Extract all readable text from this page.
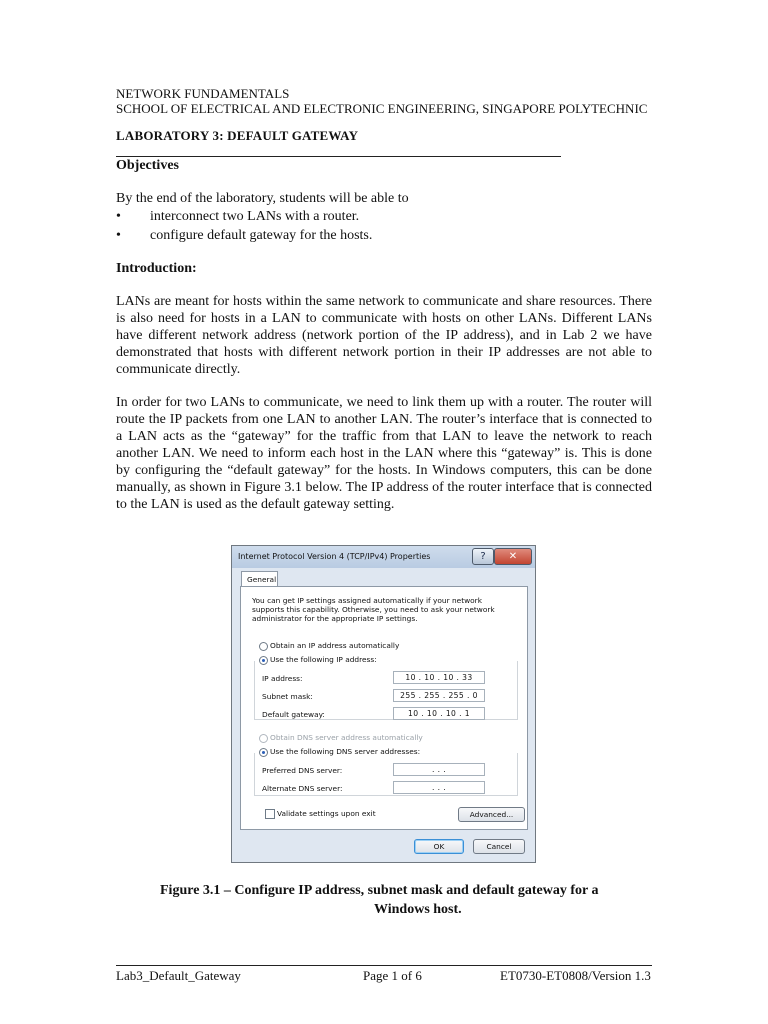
NETWORK FUNDAMENTALS
SCHOOL OF ELECTRICAL AND ELECTRONIC ENGINEERING, SINGAPORE POLYTECHNIC
LABORATORY 3: DEFAULT GATEWAY
Objectives
By the end of the laboratory, students will be able to
•	interconnect two LANs with a router.
•	configure default gateway for the hosts.
Introduction:

LANs are meant for hosts within the same network to communicate and share resources. There is also need for hosts in a LAN to communicate with hosts on other LANs. Different LANs have different network address (network portion of the IP address), and in Lab 2 we have demonstrated that hosts with different network portion in their IP addresses are not able to communicate directly.

In order for two LANs to communicate, we need to link them up with a router. The router will route the IP packets from one LAN to another LAN. The router’s interface that is connected to a LAN acts as the “gateway” for the traffic from that LAN to leave the network to reach another LAN. We need to inform each host in the LAN where this “gateway” is. This is done by configuring the “default gateway” for the hosts. In Windows computers, this can be done manually, as shown in Figure 3.1 below. The IP address of the router interface that is connected to the LAN is used as the default gateway setting.

Internet Protocol Version 4 (TCP/IPv4) Properties	?	✕
General
You can get IP settings assigned automatically if your network supports this capability. Otherwise, you need to ask your network administrator for the appropriate IP settings.
Obtain an IP address automatically
Use the following IP address:
IP address:	10 . 10 . 10 . 33
Subnet mask:	255 . 255 . 255 . 0
Default gateway:	10 . 10 . 10 . 1
Obtain DNS server address automatically
Use the following DNS server addresses:
Preferred DNS server:	. . .
Alternate DNS server:	. . .
Validate settings upon exit	Advanced...
OK	Cancel
Figure 3.1 – Configure IP address, subnet mask and default gateway for a
Windows host.
Lab3_Default_Gateway	Page 1 of 6	ET0730-ET0808/Version 1.3
